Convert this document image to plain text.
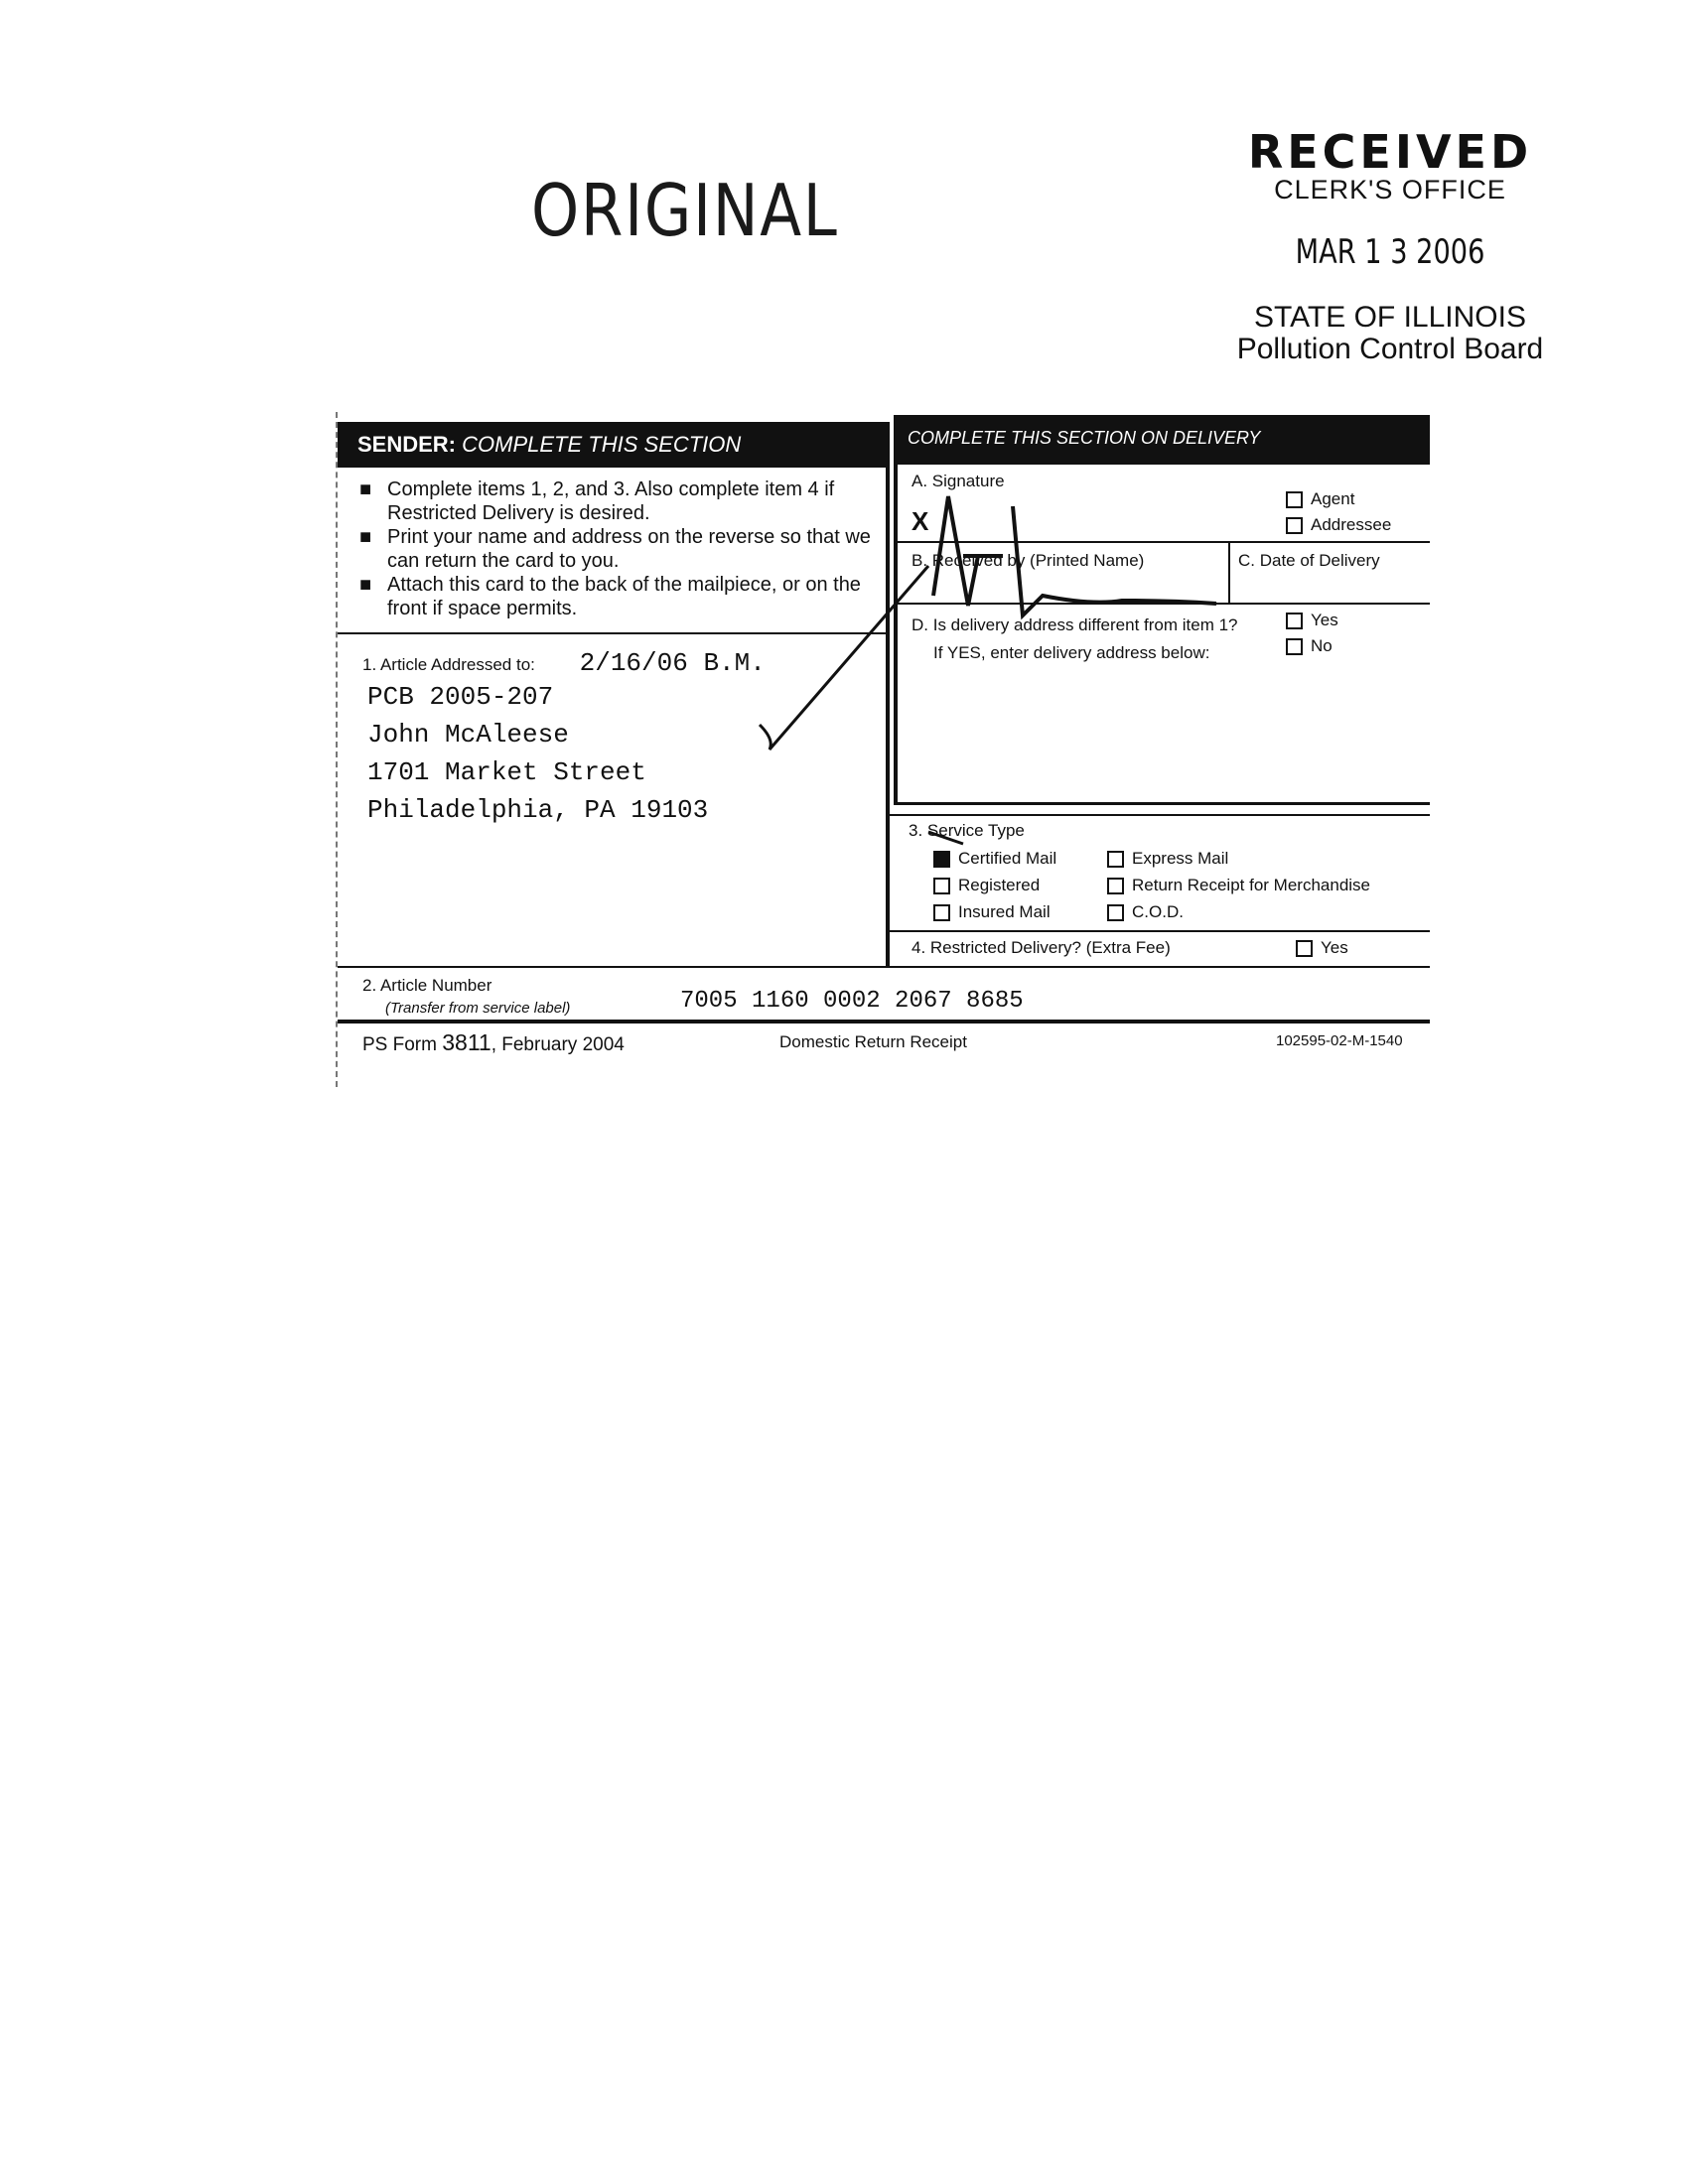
ORIGINAL
RECEIVED
CLERK'S OFFICE
MAR 1 3 2006
STATE OF ILLINOIS
Pollution Control Board
SENDER: COMPLETE THIS SECTION
■ Complete items 1, 2, and 3. Also complete item 4 if Restricted Delivery is desired.
■ Print your name and address on the reverse so that we can return the card to you.
■ Attach this card to the back of the mailpiece, or on the front if space permits.
1. Article Addressed to: 2/16/06 B.M.
PCB 2005-207
John McAleese
1701 Market Street
Philadelphia, PA 19103
COMPLETE THIS SECTION ON DELIVERY
A. Signature
X
Agent
Addressee
B. Received by (Printed Name)	C. Date of Delivery
D. Is delivery address different from item 1?
If YES, enter delivery address below:
Yes
No
3. Service Type
Certified Mail	Express Mail
Registered	Return Receipt for Merchandise
Insured Mail	C.O.D.
4. Restricted Delivery? (Extra Fee)	Yes
2. Article Number
(Transfer from service label)	7005 1160 0002 2067 8685
PS Form 3811, February 2004	Domestic Return Receipt	102595-02-M-1540
